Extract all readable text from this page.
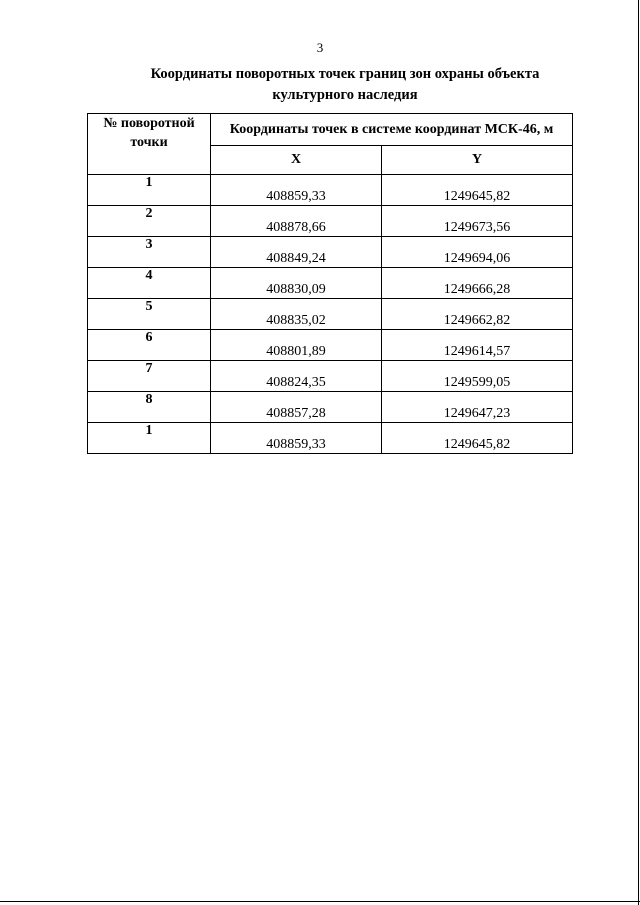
3
Координаты поворотных точек границ зон охраны объекта
культурного наследия
№ поворотной
точки	Координаты точек в системе координат МСК-46, м	
	X	Y
1	408859,33	1249645,82
2	408878,66	1249673,56
3	408849,24	1249694,06
4	408830,09	1249666,28
5	408835,02	1249662,82
6	408801,89	1249614,57
7	408824,35	1249599,05
8	408857,28	1249647,23
1	408859,33	1249645,82
